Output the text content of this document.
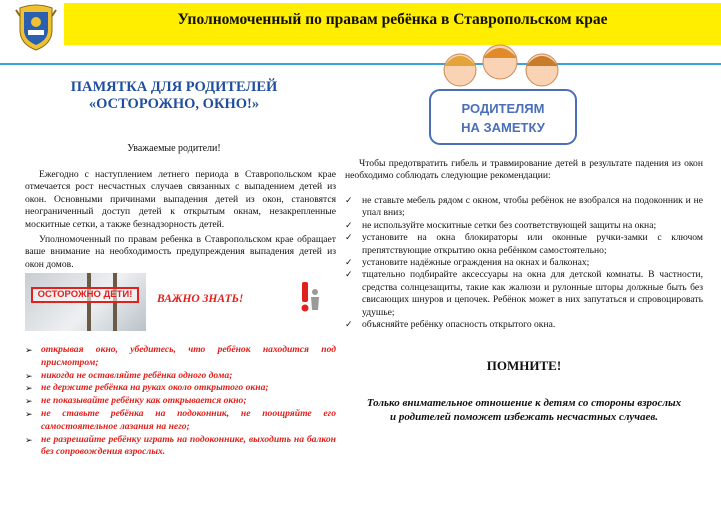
Уполномоченный по правам ребёнка в Ставропольском крае
ПАМЯТКА ДЛЯ РОДИТЕЛЕЙ
«ОСТОРОЖНО, ОКНО!»
Уважаемые родители!

Ежегодно с наступлением летнего периода в Ставропольском крае отмечается рост несчастных случаев связанных с выпадением детей из окон. Основными причинами выпадения детей из окон, становятся неограниченный доступ детей к открытым окнам, незакрепленные москитные сетки, а также безнадзорность детей.

Уполномоченный по правам ребенка в Ставропольском крае обращает ваше внимание на необходимость предупреждения выпадения детей из окон домов.

ОСТОРОЖНО ДЕТИ!	ВАЖНО ЗНАТЬ!
➢ открывая окно, убедитесь, что ребёнок находится под присмотром;
➢ никогда не оставляйте ребёнка одного дома;
➢ не держите ребёнка на руках около открытого окна;
➢ не показывайте ребёнку как открывается окно;
➢ не ставьте ребёнка на подоконник, не поощряйте его самостоятельное лазания на него;
➢ не разрешайте ребёнку играть на подоконнике, выходить на балкон без сопровождения взрослых.
РОДИТЕЛЯМ
НА ЗАМЕТКУ

Чтобы предотвратить гибель и травмирование детей в результате падения из окон необходимо соблюдать следующие рекомендации:

✓ не ставьте мебель рядом с окном, чтобы ребёнок не взобрался на подоконник и не упал вниз;
✓ не используйте москитные сетки без соответствующей защиты на окна;
✓ установите на окна блокираторы или оконные ручки-замки с ключом препятствующие открытию окна ребёнком самостоятельно;
✓ установите надёжные ограждения на окнах и балконах;
✓ тщательно подбирайте аксессуары на окна для детской комнаты. В частности, средства солнцезащиты, такие как жалюзи и рулонные шторы должные быть без свисающих шнуров и цепочек. Ребёнок может в них запутаться и спровоцировать удушье;
✓ объясняйте ребёнку опасность открытого окна.
ПОМНИТЕ!
Только внимательное отношение к детям со стороны взрослых
и родителей поможет избежать несчастных случаев.
